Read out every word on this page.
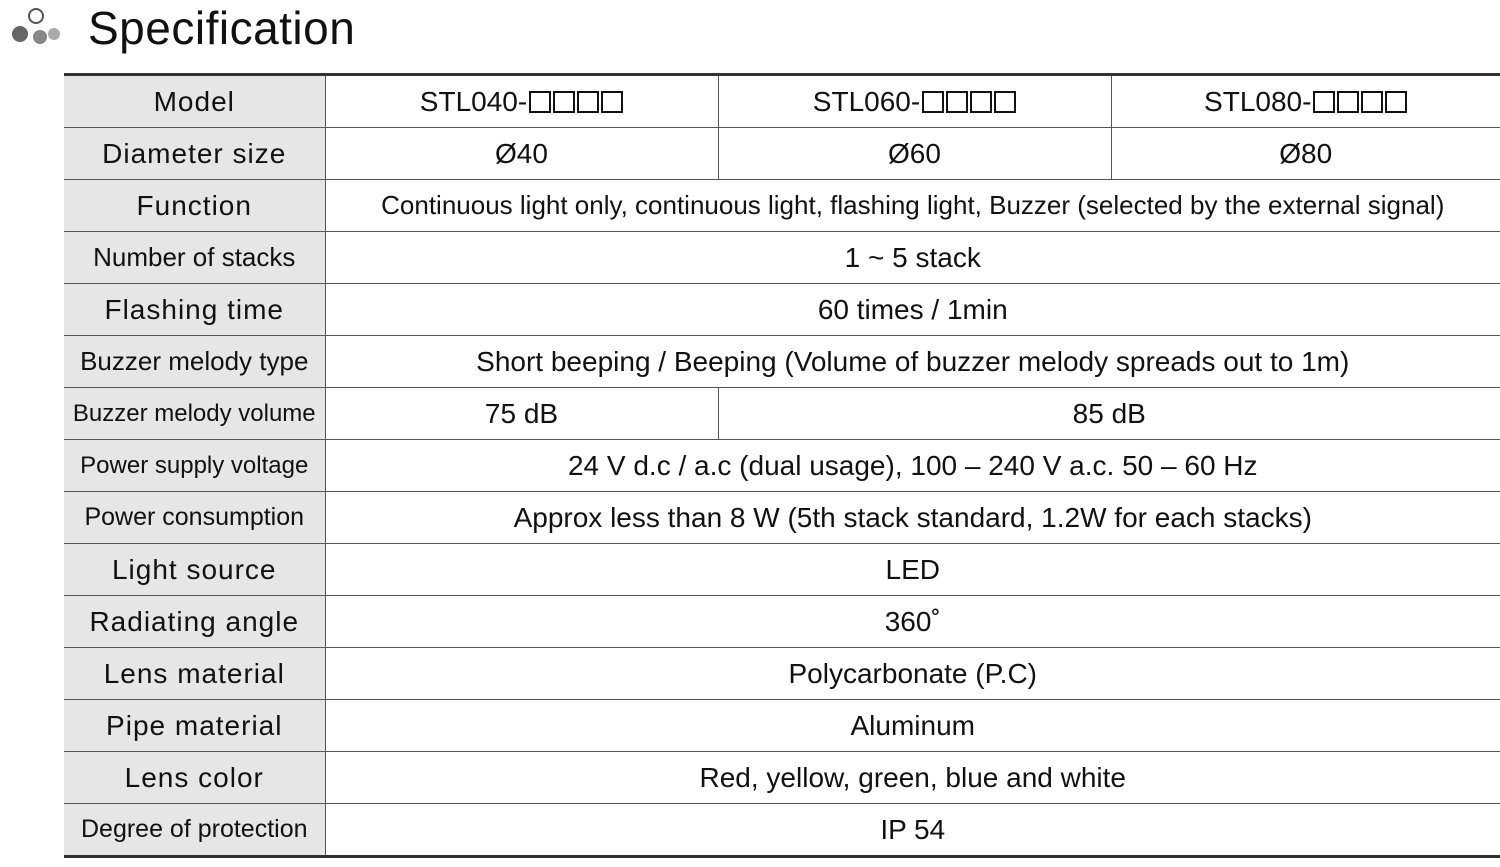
Specification
Model	STL040-	STL060-	STL080-
Diameter size	Ø40	Ø60	Ø80
Function	Continuous light only, continuous light, flashing light, Buzzer (selected by the external signal)		
Number of stacks	1 ~ 5 stack		
Flashing time	60 times / 1min		
Buzzer melody type	Short beeping / Beeping (Volume of buzzer melody spreads out to 1m)		
Buzzer melody volume	75 dB	85 dB	
Power supply voltage	24 V d.c / a.c (dual usage), 100 – 240 V a.c. 50 – 60 Hz		
Power consumption	Approx less than 8 W (5th stack standard, 1.2W for each stacks)		
Light source	LED		
Radiating angle	360˚		
Lens material	Polycarbonate (P.C)		
Pipe material	Aluminum		
Lens color	Red, yellow, green, blue and white		
Degree of protection	IP 54		
